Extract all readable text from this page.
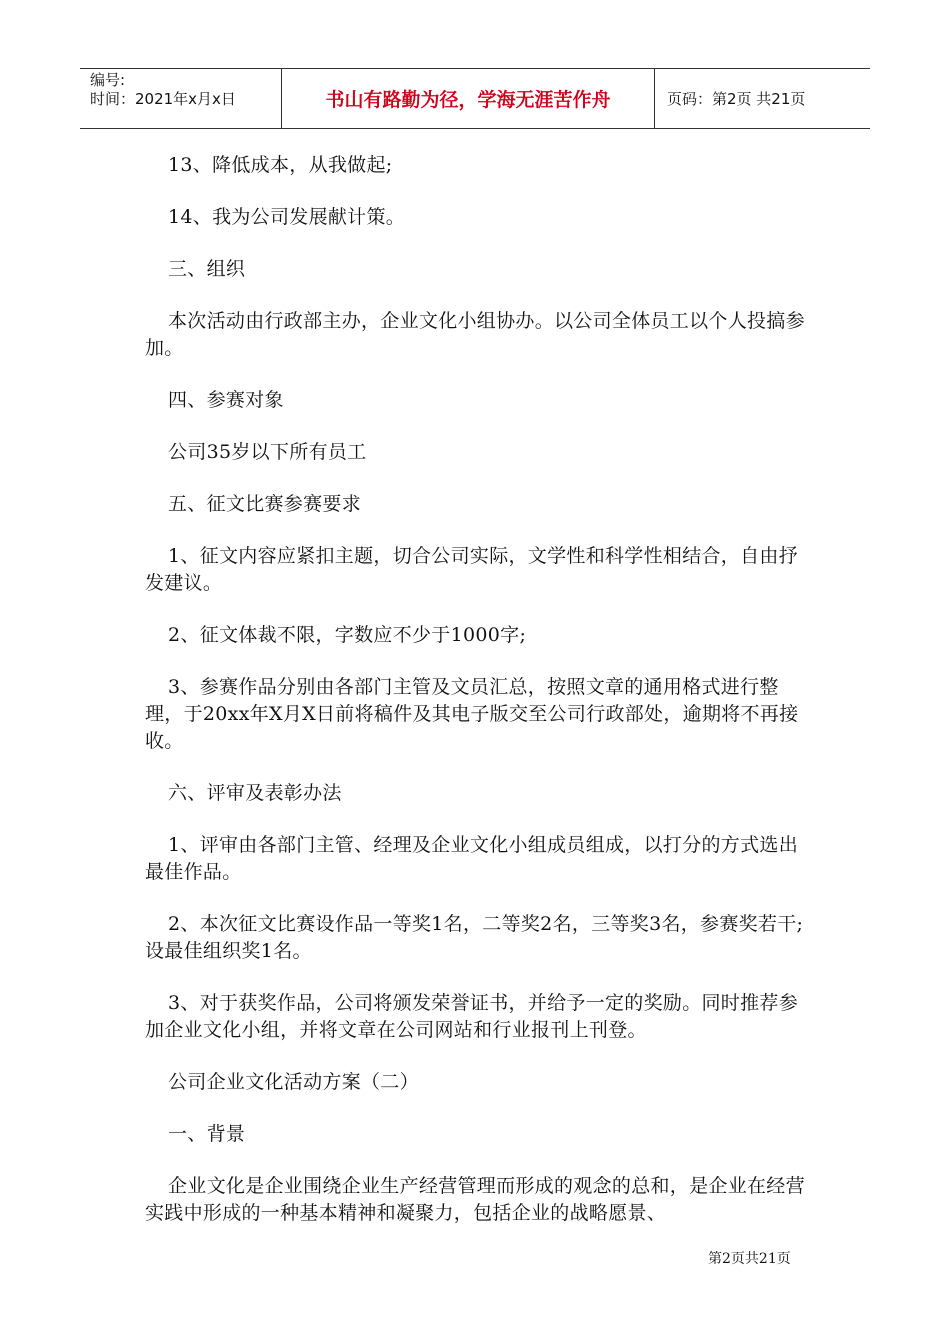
编号:
时间：2021年x月x日	书山有路勤为径，学海无涯苦作舟	页码：第2页 共21页

13、降低成本，从我做起;

14、我为公司发展献计策。

三、组织

本次活动由行政部主办，企业文化小组协办。以公司全体员工以个人投搞参加。

四、参赛对象

公司35岁以下所有员工

五、征文比赛参赛要求

1、征文内容应紧扣主题，切合公司实际，文学性和科学性相结合，自由抒发建议。

2、征文体裁不限，字数应不少于1000字;

3、参赛作品分别由各部门主管及文员汇总，按照文章的通用格式进行整理，于20xx年X月X日前将稿件及其电子版交至公司行政部处，逾期将不再接收。

六、评审及表彰办法

1、评审由各部门主管、经理及企业文化小组成员组成，以打分的方式选出最佳作品。

2、本次征文比赛设作品一等奖1名，二等奖2名，三等奖3名，参赛奖若干;设最佳组织奖1名。

3、对于获奖作品，公司将颁发荣誉证书，并给予一定的奖励。同时推荐参加企业文化小组，并将文章在公司网站和行业报刊上刊登。

公司企业文化活动方案（二）

一、背景

企业文化是企业围绕企业生产经营管理而形成的观念的总和，是企业在经营实践中形成的一种基本精神和凝聚力，包括企业的战略愿景、

第2页共21页
